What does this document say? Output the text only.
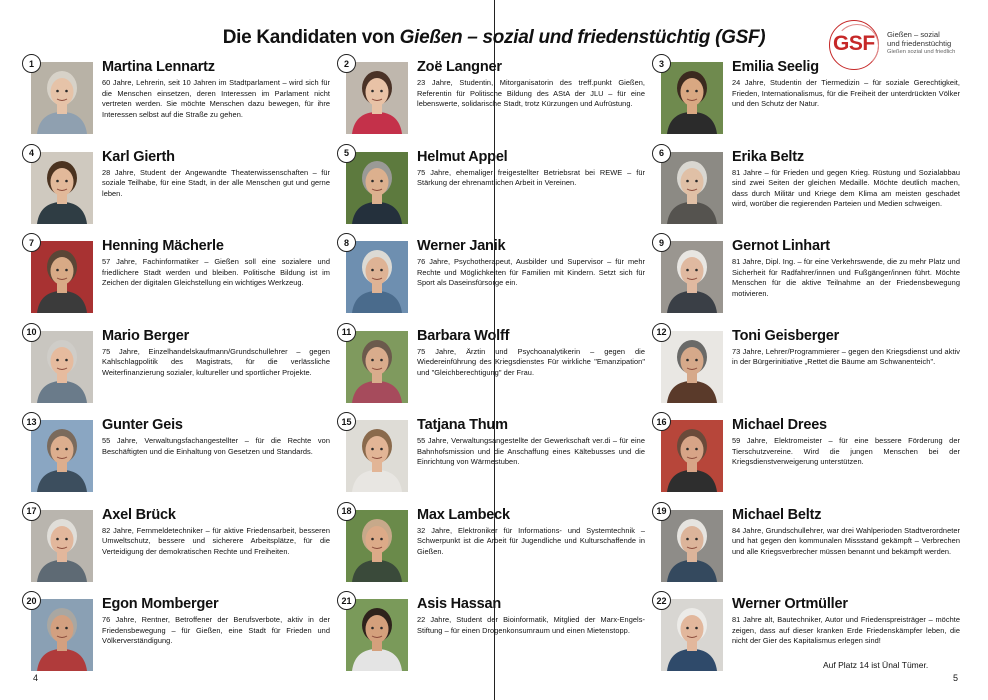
Die Kandidaten von Gießen – sozial und friedenstüchtig (GSF)	GSF Gießen – sozial
und friedenstüchtig
Gießen sozial und friedlich
1	Martina Lennartz
60 Jahre, Lehrerin, seit 10 Jahren im Stadtparlament – wird sich für die Menschen einsetzen, deren Interessen im Parlament nicht vertreten werden. Sie möchte Menschen dazu bewegen, für ihre Interessen selbst auf die Straße zu gehen.
2	Zoë Langner
23 Jahre, Studentin, Mitorganisatorin des treff.punkt Gießen, Referentin für Politische Bildung des AStA der JLU – für eine lebenswerte, solidarische Stadt, trotz Kürzungen und Aufrüstung.
3	Emilia Seelig
24 Jahre, Studentin der Tiermedizin – für soziale Gerechtigkeit, Frieden, Internationalismus, für die Freiheit der unterdrückten Völker und den Schutz der Natur.
4	Karl Gierth
28 Jahre, Student der Angewandte Theaterwissenschaften – für soziale Teilhabe, für eine Stadt, in der alle Menschen gut und gerne leben.
5	Helmut Appel
75 Jahre, ehemaliger freigestellter Betriebsrat bei REWE – für Stärkung der ehrenamtlichen Arbeit in Vereinen.
6	Erika Beltz
81 Jahre – für Frieden und gegen Krieg. Rüstung und Sozialabbau sind zwei Seiten der gleichen Medaille. Möchte deutlich machen, dass durch Militär und Kriege dem Klima am meisten geschadet wird, worüber die regierenden Parteien und Medien schweigen.
7	Henning Mächerle
57 Jahre, Fachinformatiker – Gießen soll eine sozialere und friedlichere Stadt werden und bleiben. Politische Bildung ist im Zeichen der digitalen Gleichstellung ein wichtiges Werkzeug.
8	Werner Janik
76 Jahre, Psychotherapeut, Ausbilder und Supervisor – für mehr Rechte und Möglichkeiten für Familien mit Kindern. Setzt sich für Sport als Daseinsfürsorge ein.
9	Gernot Linhart
81 Jahre, Dipl. Ing. – für eine Verkehrswende, die zu mehr Platz und Sicherheit für Radfahrer/innen und Fußgänger/innen führt. Möchte Menschen für die aktive Teilnahme an der Friedensbewegung motivieren.
10	Mario Berger
75 Jahre, Einzelhandelskaufmann/Grundschullehrer – gegen Kahlschlagpolitik des Magistrats, für die verlässliche Weiterfinanzierung sozialer, kultureller und sportlicher Projekte.
11	Barbara Wolff
75 Jahre, Ärztin und Psychoanalytikerin – gegen die Wiedereinführung des Kriegsdienstes Für wirkliche "Emanzipation" und "Gleichberechtigung" der Frau.
12	Toni Geisberger
73 Jahre, Lehrer/Programmierer – gegen den Kriegsdienst und aktiv in der Bürgerinitiative „Rettet die Bäume am Schwanenteich".
13	Gunter Geis
55 Jahre, Verwaltungsfachangestellter – für die Rechte von Beschäftigten und die Einhaltung von Gesetzen und Standards.
15	Tatjana Thum
55 Jahre, Verwaltungsangestellte der Gewerkschaft ver.di – für eine Bahnhofsmission und die Anschaffung eines Kältebusses und die Einrichtung von Wärmestuben.
16	Michael Drees
59 Jahre, Elektromeister – für eine bessere Förderung der Tierschutzvereine. Wird die jungen Menschen bei der Kriegsdienstverweigerung unterstützen.
17	Axel Brück
82 Jahre, Fernmeldetechniker – für aktive Friedensarbeit, besseren Umweltschutz, bessere und sicherere Arbeitsplätze, für die Verteidigung der demokratischen Rechte und Freiheiten.
18	Max Lambeck
32 Jahre, Elektroniker für Informations- und Systemtechnik – Schwerpunkt ist die Arbeit für Jugendliche und Kulturschaffende in Gießen.
19	Michael Beltz
84 Jahre, Grundschullehrer, war drei Wahlperioden Stadtverordneter und hat gegen den kommunalen Missstand gekämpft – Verbrechen und alle Kriegsverbrecher müssen benannt und bekämpft werden.
20	Egon Momberger
76 Jahre, Rentner, Betroffener der Berufsverbote, aktiv in der Friedensbewegung – für Gießen, eine Stadt für Frieden und Völkerverständigung.
21	Asis Hassan
22 Jahre, Student der Bioinformatik, Mitglied der Marx-Engels-Stiftung – für einen Drogenkonsumraum und einen Mietenstopp.
22	Werner Ortmüller
81 Jahre alt, Bautechniker, Autor und Friedenspreisträger – möchte zeigen, dass auf dieser kranken Erde Friedenskämpfer leben, die nicht der Gier des Kapitalismus erlegen sind!
Auf Platz 14 ist Ünal Tümer.
4	5
